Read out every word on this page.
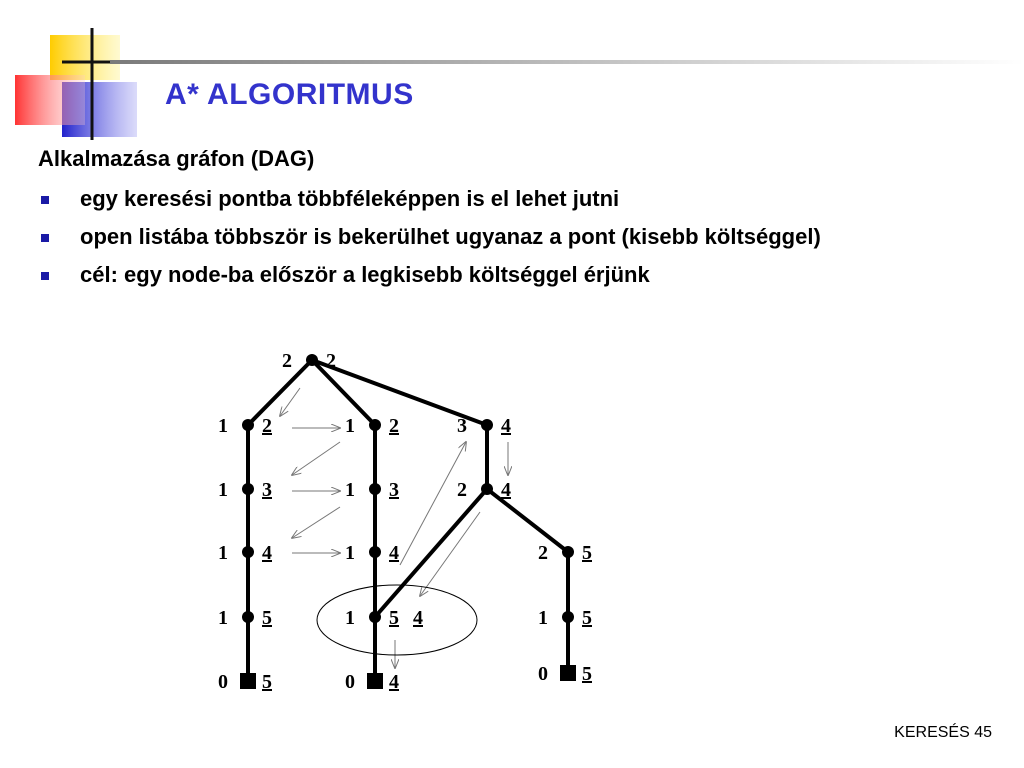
A* ALGORITMUS
Alkalmazása gráfon (DAG)
egy keresési pontba többféleképpen is el lehet jutni
open listába többször is bekerülhet ugyanaz a pont (kisebb költséggel)
cél: egy node-ba először a legkisebb költséggel érjünk
2 2
1 2
1 3
1 4
1 5
0 5
1 2
1 3
1 4
1 5 4
0 4
3 4
2 4
2 5
1 5
0 5
KERESÉS 45
